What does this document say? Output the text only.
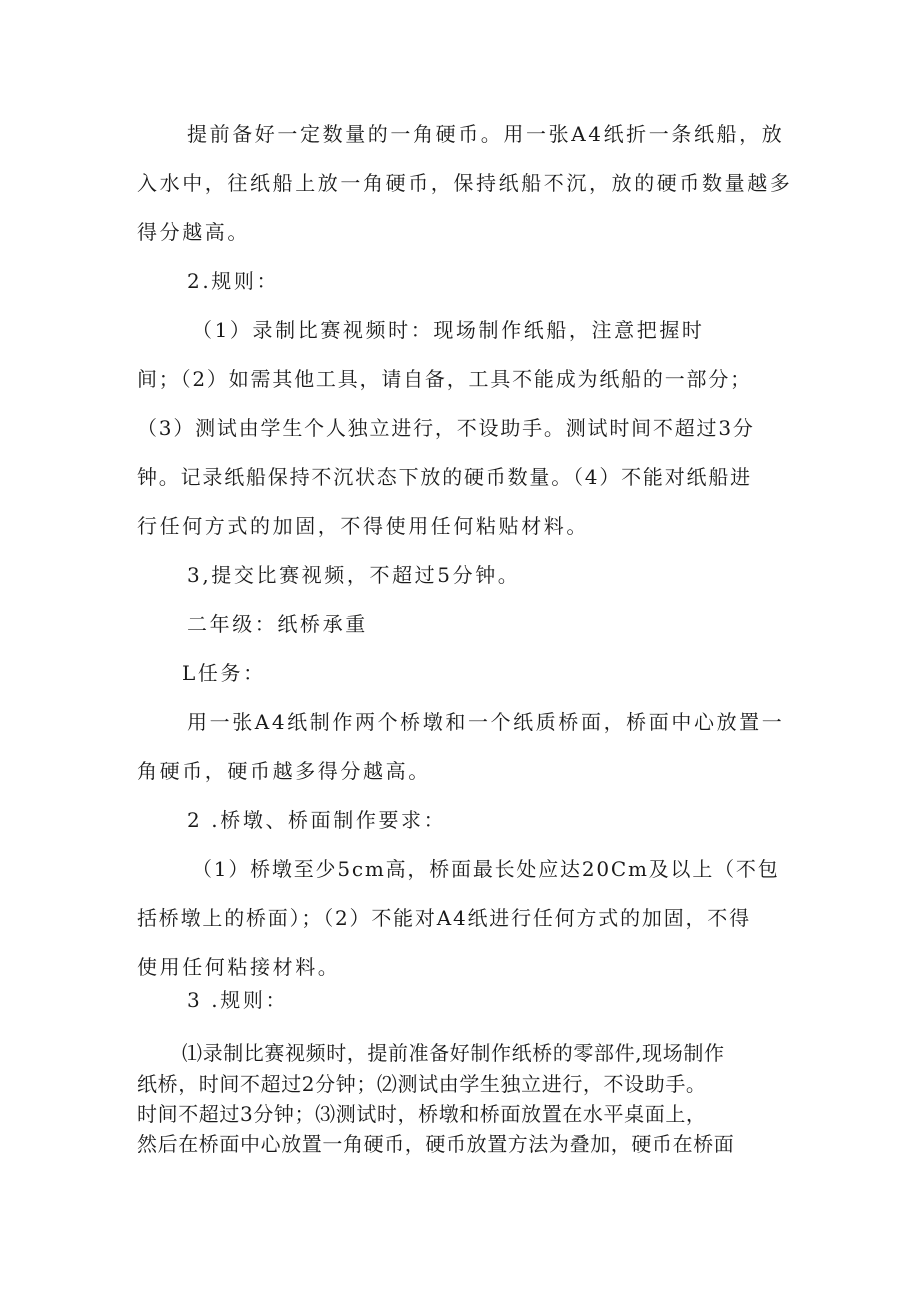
提前备好一定数量的一角硬币。用一张A4纸折一条纸船，放
入水中，往纸船上放一角硬币，保持纸船不沉，放的硬币数量越多
得分越高。
2.规则：
（1）录制比赛视频时：现场制作纸船，注意把握时
间；（2）如需其他工具，请自备，工具不能成为纸船的一部分；
（3）测试由学生个人独立进行，不设助手。测试时间不超过3分
钟。记录纸船保持不沉状态下放的硬币数量。（4）不能对纸船进
行任何方式的加固，不得使用任何粘贴材料。
3,提交比赛视频，不超过5分钟。
二年级：纸桥承重
L任务：
用一张A4纸制作两个桥墩和一个纸质桥面，桥面中心放置一
角硬币，硬币越多得分越高。
2 .桥墩、桥面制作要求：
（1）桥墩至少5cm高，桥面最长处应达20Cm及以上（不包
括桥墩上的桥面）；（2）不能对A4纸进行任何方式的加固，不得
使用任何粘接材料。
3 .规则：
⑴录制比赛视频时，提前准备好制作纸桥的零部件,现场制作
纸桥，时间不超过2分钟；⑵测试由学生独立进行，不设助手。
时间不超过3分钟；⑶测试时，桥墩和桥面放置在水平桌面上，
然后在桥面中心放置一角硬币，硬币放置方法为叠加，硬币在桥面
